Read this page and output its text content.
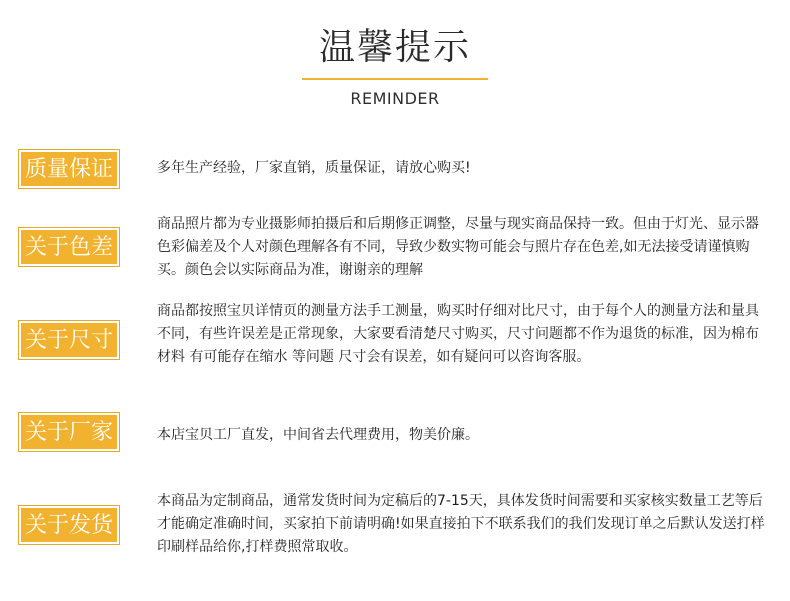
温馨提示
REMINDER
质量保证	多年生产经验，厂家直销，质量保证，请放心购买!
关于色差
商品照片都为专业摄影师拍摄后和后期修正调整，尽量与现实商品保持一致。但由于灯光、显示器色彩偏差及个人对颜色理解各有不同，导致少数实物可能会与照片存在色差,如无法接受请谨慎购买。颜色会以实际商品为准，谢谢亲的理解
关于尺寸
商品都按照宝贝详情页的测量方法手工测量，购买时仔细对比尺寸，由于每个人的测量方法和量具不同，有些许误差是正常现象，大家要看清楚尺寸购买，尺寸问题都不作为退货的标准，因为棉布材料 有可能存在缩水 等问题 尺寸会有误差，如有疑问可以咨询客服。
关于厂家	本店宝贝工厂直发，中间省去代理费用，物美价廉。
关于发货
本商品为定制商品，通常发货时间为定稿后的7-15天，具体发货时间需要和买家核实数量工艺等后才能确定准确时间，买家拍下前请明确!如果直接拍下不联系我们的我们发现订单之后默认发送打样印刷样品给你,打样费照常取收。
